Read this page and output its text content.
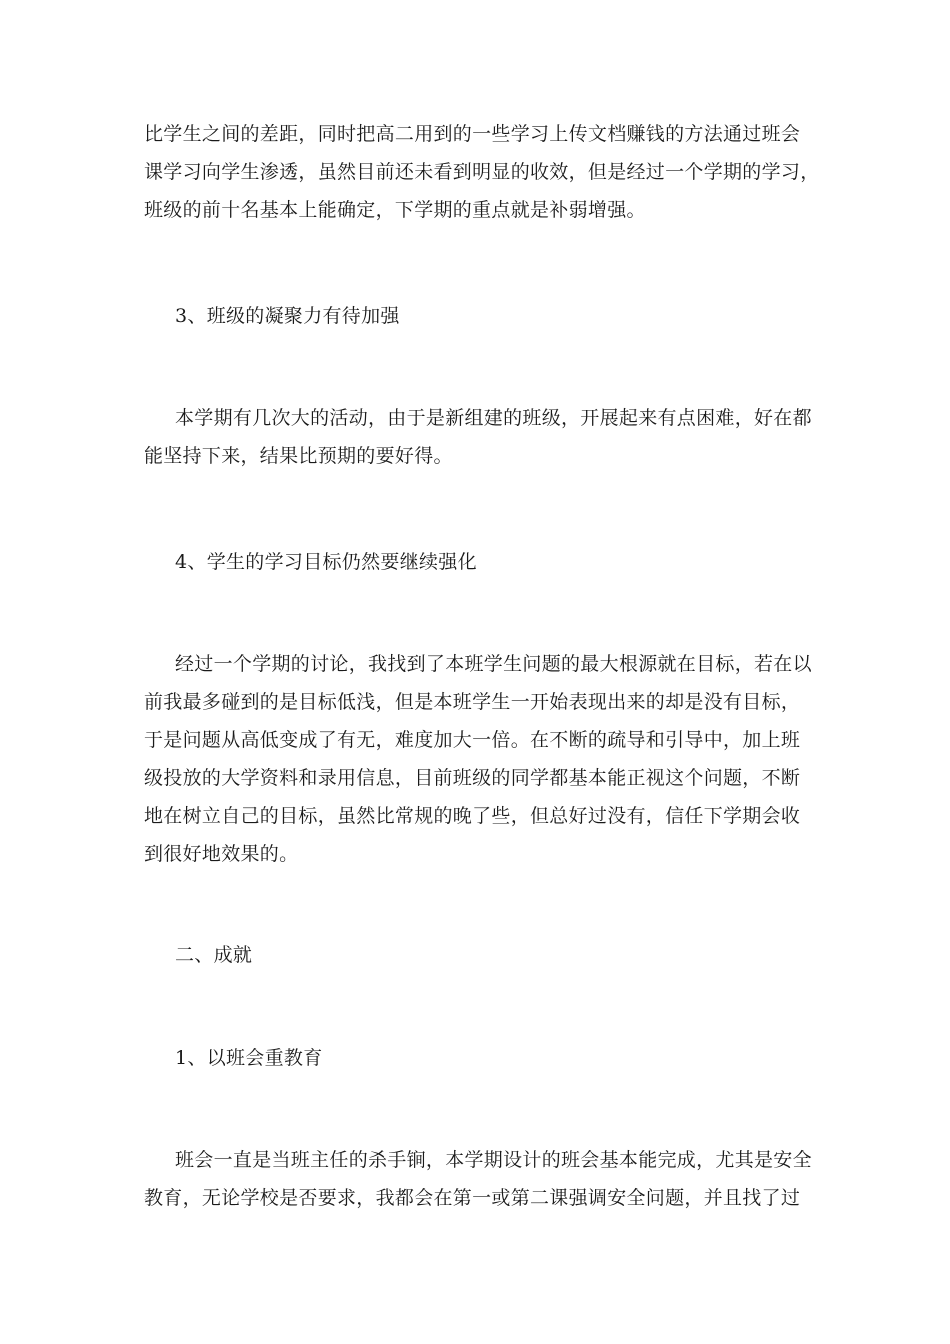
比学生之间的差距，同时把高二用到的一些学习上传文档赚钱的方法通过班会
课学习向学生渗透，虽然目前还未看到明显的收效，但是经过一个学期的学习，
班级的前十名基本上能确定，下学期的重点就是补弱增强。
3、班级的凝聚力有待加强
本学期有几次大的活动，由于是新组建的班级，开展起来有点困难，好在都
能坚持下来，结果比预期的要好得。
4、学生的学习目标仍然要继续强化
经过一个学期的讨论，我找到了本班学生问题的最大根源就在目标，若在以
前我最多碰到的是目标低浅，但是本班学生一开始表现出来的却是没有目标，
于是问题从高低变成了有无，难度加大一倍。在不断的疏导和引导中，加上班
级投放的大学资料和录用信息，目前班级的同学都基本能正视这个问题，不断
地在树立自己的目标，虽然比常规的晚了些，但总好过没有，信任下学期会收
到很好地效果的。
二、成就
1、以班会重教育
班会一直是当班主任的杀手锏，本学期设计的班会基本能完成，尤其是安全
教育，无论学校是否要求，我都会在第一或第二课强调安全问题，并且找了过
